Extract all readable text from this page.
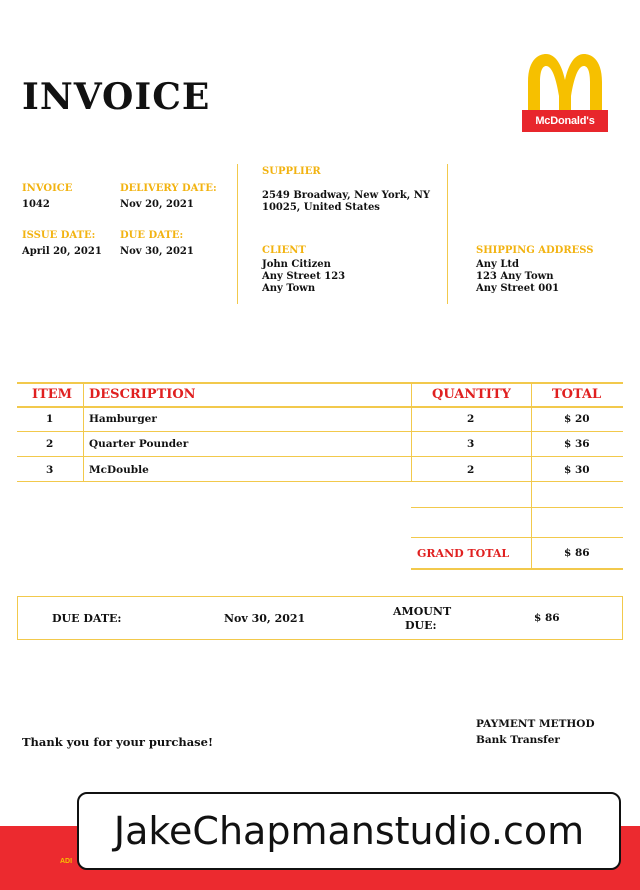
INVOICE
McDonald's
INVOICE
1042
DELIVERY DATE:
Nov 20, 2021
ISSUE DATE:
April 20, 2021
DUE DATE:
Nov 30, 2021
SUPPLIER
2549 Broadway, New York, NY
10025, United States
CLIENT
John Citizen
Any Street 123
Any Town
SHIPPING ADDRESS
Any Ltd
123 Any Town
Any Street 001
ITEM DESCRIPTION	QUANTITY	TOTAL
1	Hamburger	2	$ 20
2	Quarter Pounder	3	$ 36
3	McDouble	2	$ 30
GRAND TOTAL	$ 86
DUE DATE:	Nov 30, 2021
AMOUNT
DUE:
$ 86
Thank you for your purchase!
PAYMENT METHOD
Bank Transfer
ADI
JakeChapmanstudio.com
